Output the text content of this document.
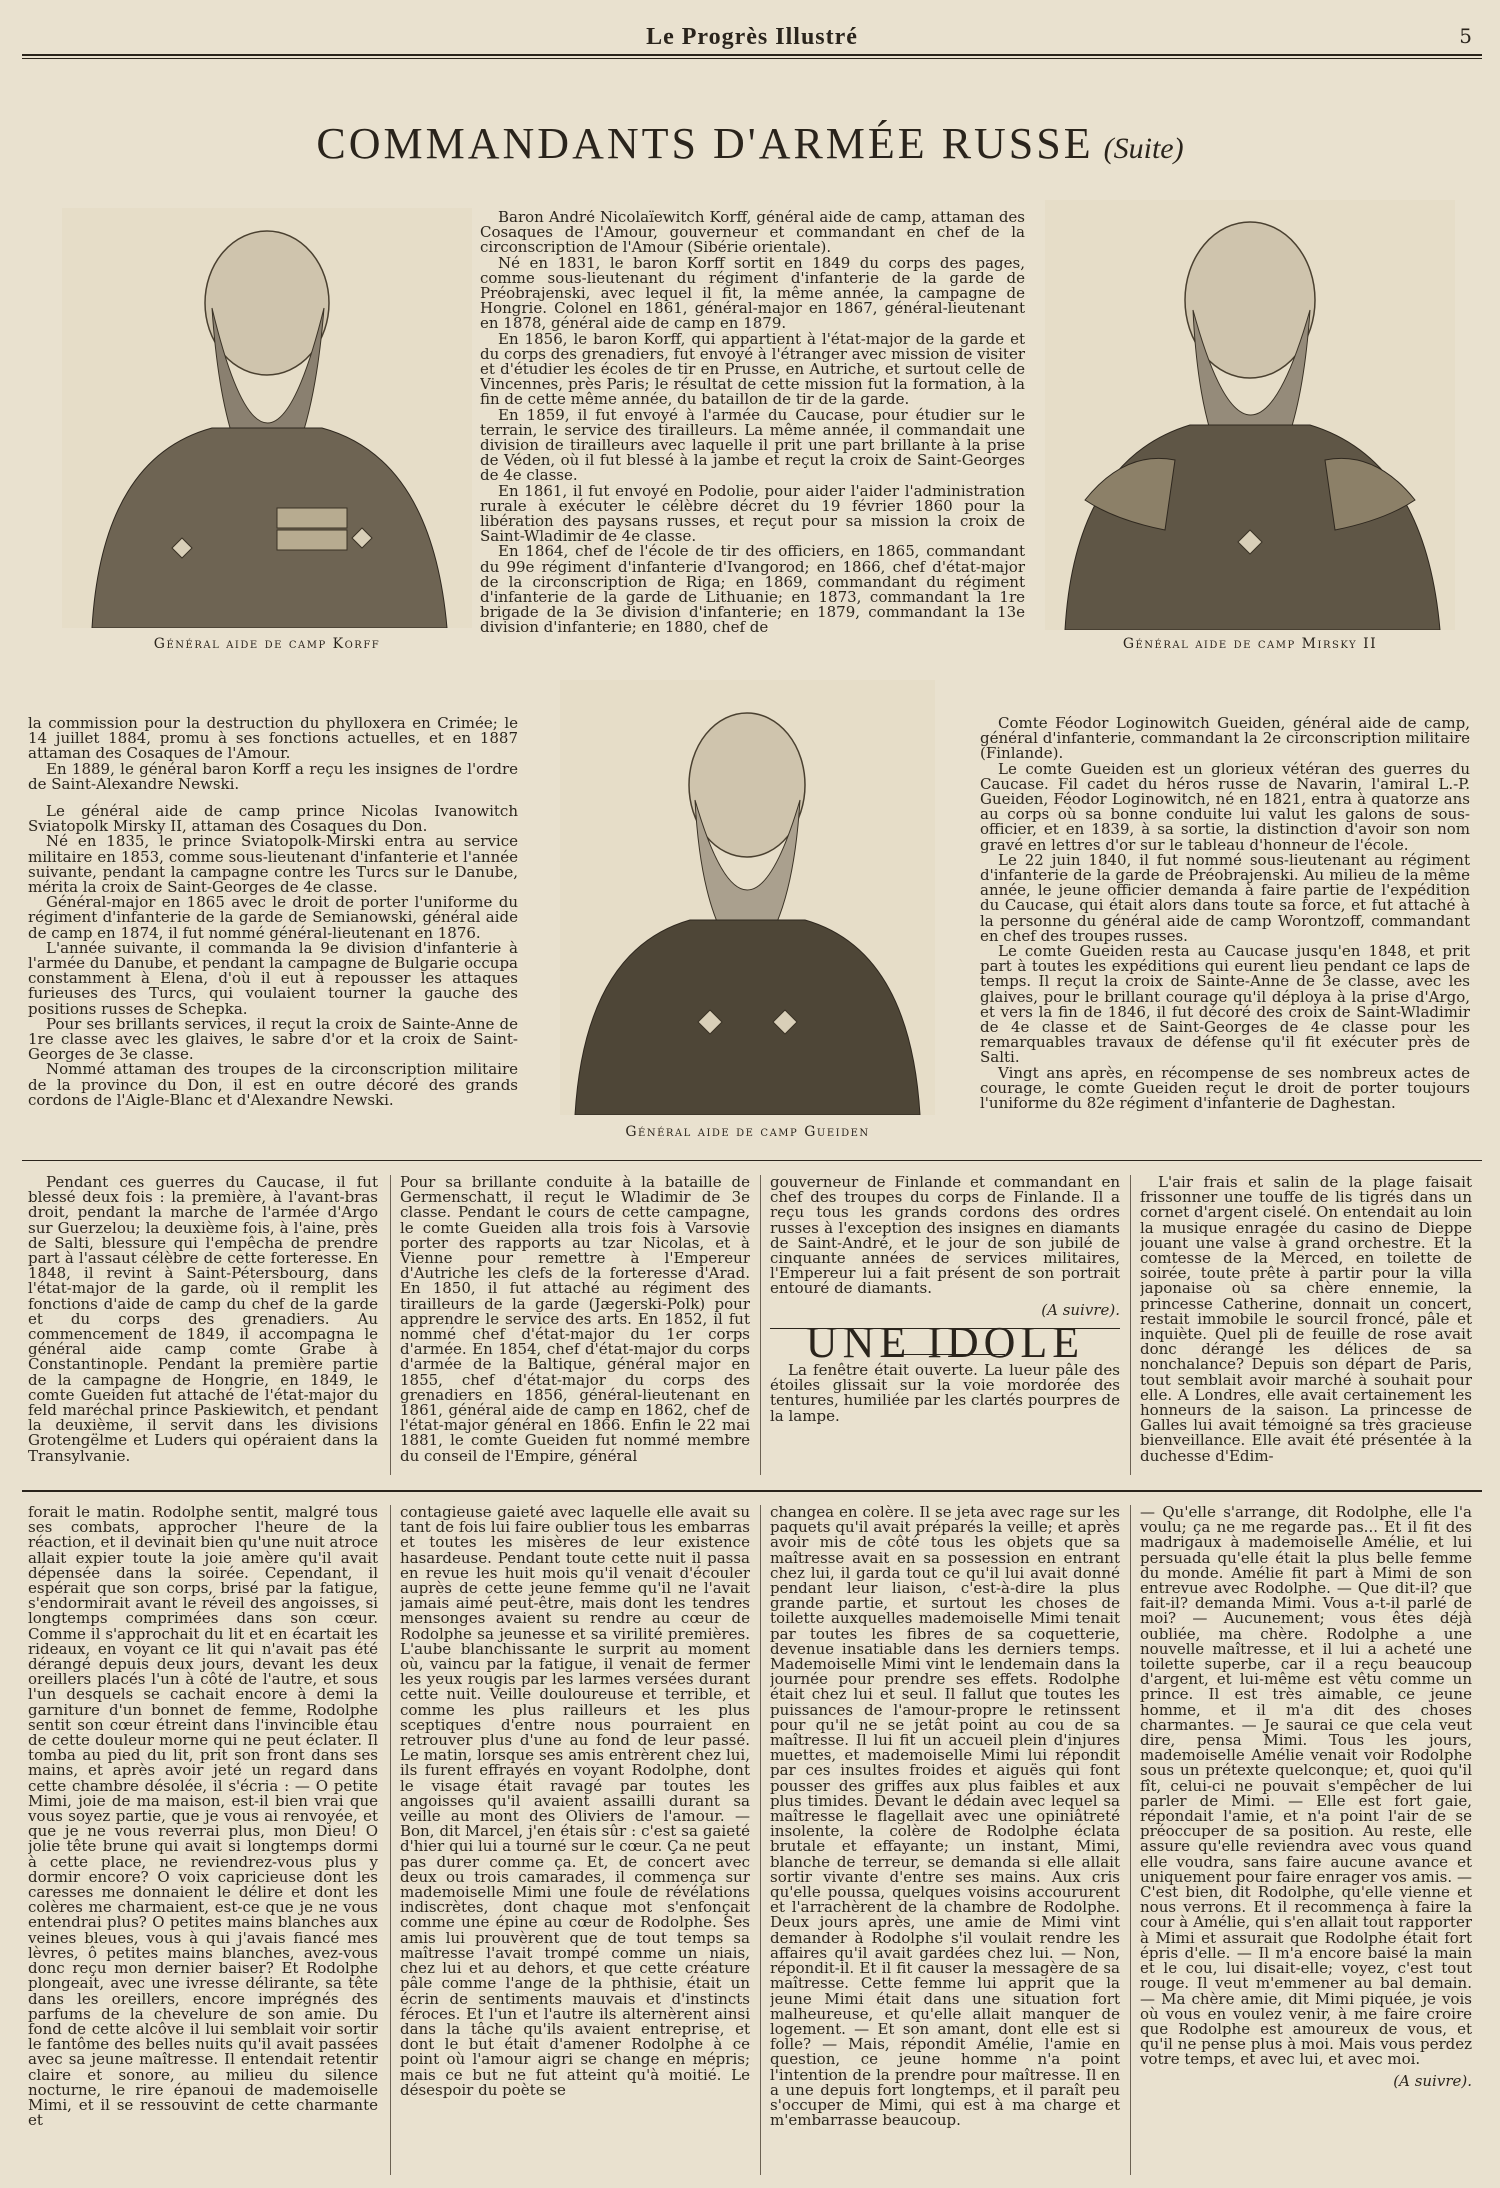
Le Progrès Illustré	5
COMMANDANTS D'ARMÉE RUSSE (Suite)
Général aide de camp Korff	Général aide de camp Mirsky II

Baron André Nicolaïewitch Korff, général aide de camp, attaman des Cosaques de l'Amour, gouverneur et commandant en chef de la circonscription de l'Amour (Sibérie orientale).

Né en 1831, le baron Korff sortit en 1849 du corps des pages, comme sous-lieutenant du régiment d'infanterie de la garde de Préobrajenski, avec lequel il fit, la même année, la campagne de Hongrie. Colonel en 1861, général-major en 1867, général-lieutenant en 1878, général aide de camp en 1879.

En 1856, le baron Korff, qui appartient à l'état-major de la garde et du corps des grenadiers, fut envoyé à l'étranger avec mission de visiter et d'étudier les écoles de tir en Prusse, en Autriche, et surtout celle de Vincennes, près Paris; le résultat de cette mission fut la formation, à la fin de cette même année, du bataillon de tir de la garde.

En 1859, il fut envoyé à l'armée du Caucase, pour étudier sur le terrain, le service des tirailleurs. La même année, il commandait une division de tirailleurs avec laquelle il prit une part brillante à la prise de Véden, où il fut blessé à la jambe et reçut la croix de Saint-Georges de 4e classe.

En 1861, il fut envoyé en Podolie, pour aider l'aider l'administration rurale à exécuter le célèbre décret du 19 février 1860 pour la libération des paysans russes, et reçut pour sa mission la croix de Saint-Wladimir de 4e classe.

En 1864, chef de l'école de tir des officiers, en 1865, commandant du 99e régiment d'infanterie d'Ivangorod; en 1866, chef d'état-major de la circonscription de Riga; en 1869, commandant du régiment d'infanterie de la garde de Lithuanie; en 1873, commandant la 1re brigade de la 3e division d'infanterie; en 1879, commandant la 13e division d'infanterie; en 1880, chef de

la commission pour la destruction du phylloxera en Crimée; le 14 juillet 1884, promu à ses fonctions actuelles, et en 1887 attaman des Cosaques de l'Amour.

En 1889, le général baron Korff a reçu les insignes de l'ordre de Saint-Alexandre Newski.

Le général aide de camp prince Nicolas Ivanowitch Sviatopolk Mirsky II, attaman des Cosaques du Don.

Né en 1835, le prince Sviatopolk-Mirski entra au service militaire en 1853, comme sous-lieutenant d'infanterie et l'année suivante, pendant la campagne contre les Turcs sur le Danube, mérita la croix de Saint-Georges de 4e classe.

Général-major en 1865 avec le droit de porter l'uniforme du régiment d'infanterie de la garde de Semianowski, général aide de camp en 1874, il fut nommé général-lieutenant en 1876.

L'année suivante, il commanda la 9e division d'infanterie à l'armée du Danube, et pendant la campagne de Bulgarie occupa constamment à Elena, d'où il eut à repousser les attaques furieuses des Turcs, qui voulaient tourner la gauche des positions russes de Schepka.

Pour ses brillants services, il reçut la croix de Sainte-Anne de 1re classe avec les glaives, le sabre d'or et la croix de Saint-Georges de 3e classe.

Nommé attaman des troupes de la circonscription militaire de la province du Don, il est en outre décoré des grands cordons de l'Aigle-Blanc et d'Alexandre Newski.

Général aide de camp Gueiden

Comte Féodor Loginowitch Gueiden, général aide de camp, général d'infanterie, commandant la 2e circonscription militaire (Finlande).

Le comte Gueiden est un glorieux vétéran des guerres du Caucase. Fil cadet du héros russe de Navarin, l'amiral L.-P. Gueiden, Féodor Loginowitch, né en 1821, entra à quatorze ans au corps où sa bonne conduite lui valut les galons de sous-officier, et en 1839, à sa sortie, la distinction d'avoir son nom gravé en lettres d'or sur le tableau d'honneur de l'école.

Le 22 juin 1840, il fut nommé sous-lieutenant au régiment d'infanterie de la garde de Préobrajenski. Au milieu de la même année, le jeune officier demanda à faire partie de l'expédition du Caucase, qui était alors dans toute sa force, et fut attaché à la personne du général aide de camp Worontzoff, commandant en chef des troupes russes.

Le comte Gueiden resta au Caucase jusqu'en 1848, et prit part à toutes les expéditions qui eurent lieu pendant ce laps de temps. Il reçut la croix de Sainte-Anne de 3e classe, avec les glaives, pour le brillant courage qu'il déploya à la prise d'Argo, et vers la fin de 1846, il fut décoré des croix de Saint-Wladimir de 4e classe et de Saint-Georges de 4e classe pour les remarquables travaux de défense qu'il fit exécuter près de Salti.

Vingt ans après, en récompense de ses nombreux actes de courage, le comte Gueiden reçut le droit de porter toujours l'uniforme du 82e régiment d'infanterie de Daghestan.

Pendant ces guerres du Caucase, il fut blessé deux fois : la première, à l'avant-bras droit, pendant la marche de l'armée d'Argo sur Guerzelou; la deuxième fois, à l'aine, près de Salti, blessure qui l'empêcha de prendre part à l'assaut célèbre de cette forteresse. En 1848, il revint à Saint-Pétersbourg, dans l'état-major de la garde, où il remplit les fonctions d'aide de camp du chef de la garde et du corps des grenadiers. Au commencement de 1849, il accompagna le général aide camp comte Grabe à Constantinople. Pendant la première partie de la campagne de Hongrie, en 1849, le comte Gueiden fut attaché de l'état-major du feld maréchal prince Paskiewitch, et pendant la deuxième, il servit dans les divisions Grotengëlme et Luders qui opéraient dans la Transylvanie.

Pour sa brillante conduite à la bataille de Germenschatt, il reçut le Wladimir de 3e classe. Pendant le cours de cette campagne, le comte Gueiden alla trois fois à Varsovie porter des rapports au tzar Nicolas, et à Vienne pour remettre à l'Empereur d'Autriche les clefs de la forteresse d'Arad. En 1850, il fut attaché au régiment des tirailleurs de la garde (Jægerski-Polk) pour apprendre le service des arts. En 1852, il fut nommé chef d'état-major du 1er corps d'armée. En 1854, chef d'état-major du corps d'armée de la Baltique, général major en 1855, chef d'état-major du corps des grenadiers en 1856, général-lieutenant en 1861, général aide de camp en 1862, chef de l'état-major général en 1866. Enfin le 22 mai 1881, le comte Gueiden fut nommé membre du conseil de l'Empire, général

gouverneur de Finlande et commandant en chef des troupes du corps de Finlande. Il a reçu tous les grands cordons des ordres russes à l'exception des insignes en diamants de Saint-André, et le jour de son jubilé de cinquante années de services militaires, l'Empereur lui a fait présent de son portrait entouré de diamants.

(A suivre).
UNE IDOLE

La fenêtre était ouverte. La lueur pâle des étoiles glissait sur la voie mordorée des tentures, humiliée par les clartés pourpres de la lampe.

L'air frais et salin de la plage faisait frissonner une touffe de lis tigrés dans un cornet d'argent ciselé. On entendait au loin la musique enragée du casino de Dieppe jouant une valse à grand orchestre. Et la comtesse de la Merced, en toilette de soirée, toute prête à partir pour la villa japonaise où sa chère ennemie, la princesse Catherine, donnait un concert, restait immobile le sourcil froncé, pâle et inquiète. Quel pli de feuille de rose avait donc dérangé les délices de sa nonchalance? Depuis son départ de Paris, tout semblait avoir marché à souhait pour elle. A Londres, elle avait certainement les honneurs de la saison. La princesse de Galles lui avait témoigné sa très gracieuse bienveillance. Elle avait été présentée à la duchesse d'Edim-

forait le matin. Rodolphe sentit, malgré tous ses combats, approcher l'heure de la réaction, et il devinait bien qu'une nuit atroce allait expier toute la joie amère qu'il avait dépensée dans la soirée. Cependant, il espérait que son corps, brisé par la fatigue, s'endormirait avant le réveil des angoisses, si longtemps comprimées dans son cœur. Comme il s'approchait du lit et en écartait les rideaux, en voyant ce lit qui n'avait pas été dérangé depuis deux jours, devant les deux oreillers placés l'un à côté de l'autre, et sous l'un desquels se cachait encore à demi la garniture d'un bonnet de femme, Rodolphe sentit son cœur étreint dans l'invincible étau de cette douleur morne qui ne peut éclater. Il tomba au pied du lit, prit son front dans ses mains, et après avoir jeté un regard dans cette chambre désolée, il s'écria : — O petite Mimi, joie de ma maison, est-il bien vrai que vous soyez partie, que je vous ai renvoyée, et que je ne vous reverrai plus, mon Dieu! O jolie tête brune qui avait si longtemps dormi à cette place, ne reviendrez-vous plus y dormir encore? O voix capricieuse dont les caresses me donnaient le délire et dont les colères me charmaient, est-ce que je ne vous entendrai plus? O petites mains blanches aux veines bleues, vous à qui j'avais fiancé mes lèvres, ô petites mains blanches, avez-vous donc reçu mon dernier baiser? Et Rodolphe plongeait, avec une ivresse délirante, sa tête dans les oreillers, encore imprégnés des parfums de la chevelure de son amie. Du fond de cette alcôve il lui semblait voir sortir le fantôme des belles nuits qu'il avait passées avec sa jeune maîtresse. Il entendait retentir claire et sonore, au milieu du silence nocturne, le rire épanoui de mademoiselle Mimi, et il se ressouvint de cette charmante et

contagieuse gaieté avec laquelle elle avait su tant de fois lui faire oublier tous les embarras et toutes les misères de leur existence hasardeuse. Pendant toute cette nuit il passa en revue les huit mois qu'il venait d'écouler auprès de cette jeune femme qu'il ne l'avait jamais aimé peut-être, mais dont les tendres mensonges avaient su rendre au cœur de Rodolphe sa jeunesse et sa virilité premières. L'aube blanchissante le surprit au moment où, vaincu par la fatigue, il venait de fermer les yeux rougis par les larmes versées durant cette nuit. Veille douloureuse et terrible, et comme les plus railleurs et les plus sceptiques d'entre nous pourraient en retrouver plus d'une au fond de leur passé. Le matin, lorsque ses amis entrèrent chez lui, ils furent effrayés en voyant Rodolphe, dont le visage était ravagé par toutes les angoisses qu'il avaient assailli durant sa veille au mont des Oliviers de l'amour. — Bon, dit Marcel, j'en étais sûr : c'est sa gaieté d'hier qui lui a tourné sur le cœur. Ça ne peut pas durer comme ça. Et, de concert avec deux ou trois camarades, il commença sur mademoiselle Mimi une foule de révélations indiscrètes, dont chaque mot s'enfonçait comme une épine au cœur de Rodolphe. Ses amis lui prouvèrent que de tout temps sa maîtresse l'avait trompé comme un niais, chez lui et au dehors, et que cette créature pâle comme l'ange de la phthisie, était un écrin de sentiments mauvais et d'instincts féroces. Et l'un et l'autre ils alternèrent ainsi dans la tâche qu'ils avaient entreprise, et dont le but était d'amener Rodolphe à ce point où l'amour aigri se change en mépris; mais ce but ne fut atteint qu'à moitié. Le désespoir du poète se

changea en colère. Il se jeta avec rage sur les paquets qu'il avait préparés la veille; et après avoir mis de côté tous les objets que sa maîtresse avait en sa possession en entrant chez lui, il garda tout ce qu'il lui avait donné pendant leur liaison, c'est-à-dire la plus grande partie, et surtout les choses de toilette auxquelles mademoiselle Mimi tenait par toutes les fibres de sa coquetterie, devenue insatiable dans les derniers temps. Mademoiselle Mimi vint le lendemain dans la journée pour prendre ses effets. Rodolphe était chez lui et seul. Il fallut que toutes les puissances de l'amour-propre le retinssent pour qu'il ne se jetât point au cou de sa maîtresse. Il lui fit un accueil plein d'injures muettes, et mademoiselle Mimi lui répondit par ces insultes froides et aiguës qui font pousser des griffes aux plus faibles et aux plus timides. Devant le dédain avec lequel sa maîtresse le flagellait avec une opiniâtreté insolente, la colère de Rodolphe éclata brutale et effayante; un instant, Mimi, blanche de terreur, se demanda si elle allait sortir vivante d'entre ses mains. Aux cris qu'elle poussa, quelques voisins accoururent et l'arrachèrent de la chambre de Rodolphe. Deux jours après, une amie de Mimi vint demander à Rodolphe s'il voulait rendre les affaires qu'il avait gardées chez lui. — Non, répondit-il. Et il fit causer la messagère de sa maîtresse. Cette femme lui apprit que la jeune Mimi était dans une situation fort malheureuse, et qu'elle allait manquer de logement. — Et son amant, dont elle est si folle? — Mais, répondit Amélie, l'amie en question, ce jeune homme n'a point l'intention de la prendre pour maîtresse. Il en a une depuis fort longtemps, et il paraît peu s'occuper de Mimi, qui est à ma charge et m'embarrasse beaucoup.

— Qu'elle s'arrange, dit Rodolphe, elle l'a voulu; ça ne me regarde pas... Et il fit des madrigaux à mademoiselle Amélie, et lui persuada qu'elle était la plus belle femme du monde. Amélie fit part à Mimi de son entrevue avec Rodolphe. — Que dit-il? que fait-il? demanda Mimi. Vous a-t-il parlé de moi? — Aucunement; vous êtes déjà oubliée, ma chère. Rodolphe a une nouvelle maîtresse, et il lui a acheté une toilette superbe, car il a reçu beaucoup d'argent, et lui-même est vêtu comme un prince. Il est très aimable, ce jeune homme, et il m'a dit des choses charmantes. — Je saurai ce que cela veut dire, pensa Mimi. Tous les jours, mademoiselle Amélie venait voir Rodolphe sous un prétexte quelconque; et, quoi qu'il fît, celui-ci ne pouvait s'empêcher de lui parler de Mimi. — Elle est fort gaie, répondait l'amie, et n'a point l'air de se préoccuper de sa position. Au reste, elle assure qu'elle reviendra avec vous quand elle voudra, sans faire aucune avance et uniquement pour faire enrager vos amis. — C'est bien, dit Rodolphe, qu'elle vienne et nous verrons. Et il recommença à faire la cour à Amélie, qui s'en allait tout rapporter à Mimi et assurait que Rodolphe était fort épris d'elle. — Il m'a encore baisé la main et le cou, lui disait-elle; voyez, c'est tout rouge. Il veut m'emmener au bal demain. — Ma chère amie, dit Mimi piquée, je vois où vous en voulez venir, à me faire croire que Rodolphe est amoureux de vous, et qu'il ne pense plus à moi. Mais vous perdez votre temps, et avec lui, et avec moi.

(A suivre).
